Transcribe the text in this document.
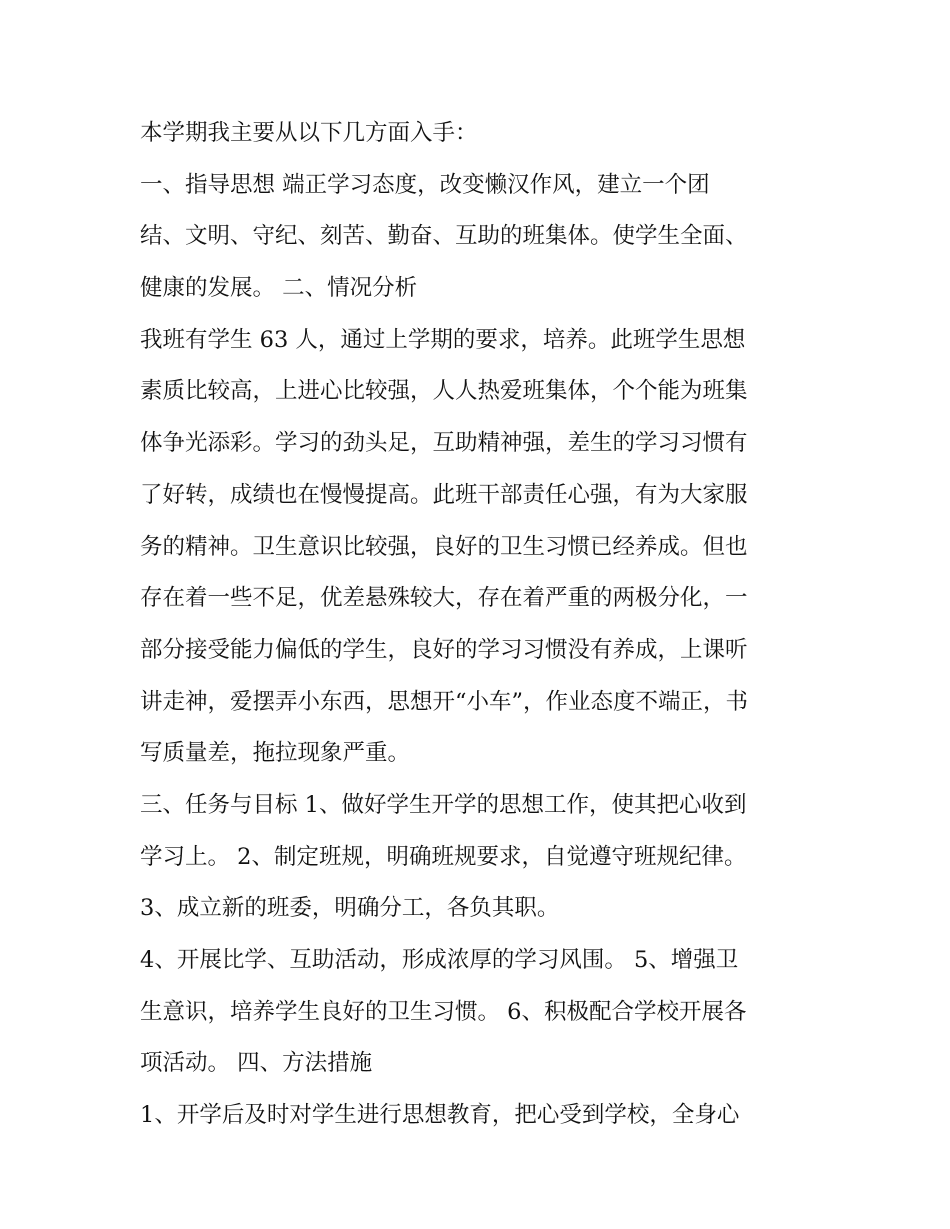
本学期我主要从以下几方面入手：

一、指导思想 端正学习态度，改变懒汉作风，建立一个团

结、文明、守纪、刻苦、勤奋、互助的班集体。使学生全面、

健康的发展。 二、情况分析

我班有学生 63 人，通过上学期的要求，培养。此班学生思想

素质比较高，上进心比较强，人人热爱班集体，个个能为班集

体争光添彩。学习的劲头足，互助精神强，差生的学习习惯有

了好转，成绩也在慢慢提高。此班干部责任心强，有为大家服

务的精神。卫生意识比较强，良好的卫生习惯已经养成。但也

存在着一些不足，优差悬殊较大，存在着严重的两极分化，一

部分接受能力偏低的学生，良好的学习习惯没有养成，上课听

讲走神，爱摆弄小东西，思想开“小车”，作业态度不端正，书

写质量差，拖拉现象严重。

三、任务与目标 1、做好学生开学的思想工作，使其把心收到

学习上。 2、制定班规，明确班规要求，自觉遵守班规纪律。

3、成立新的班委，明确分工，各负其职。

4、开展比学、互助活动，形成浓厚的学习风围。 5、增强卫

生意识，培养学生良好的卫生习惯。 6、积极配合学校开展各

项活动。 四、方法措施

1、开学后及时对学生进行思想教育，把心受到学校，全身心
